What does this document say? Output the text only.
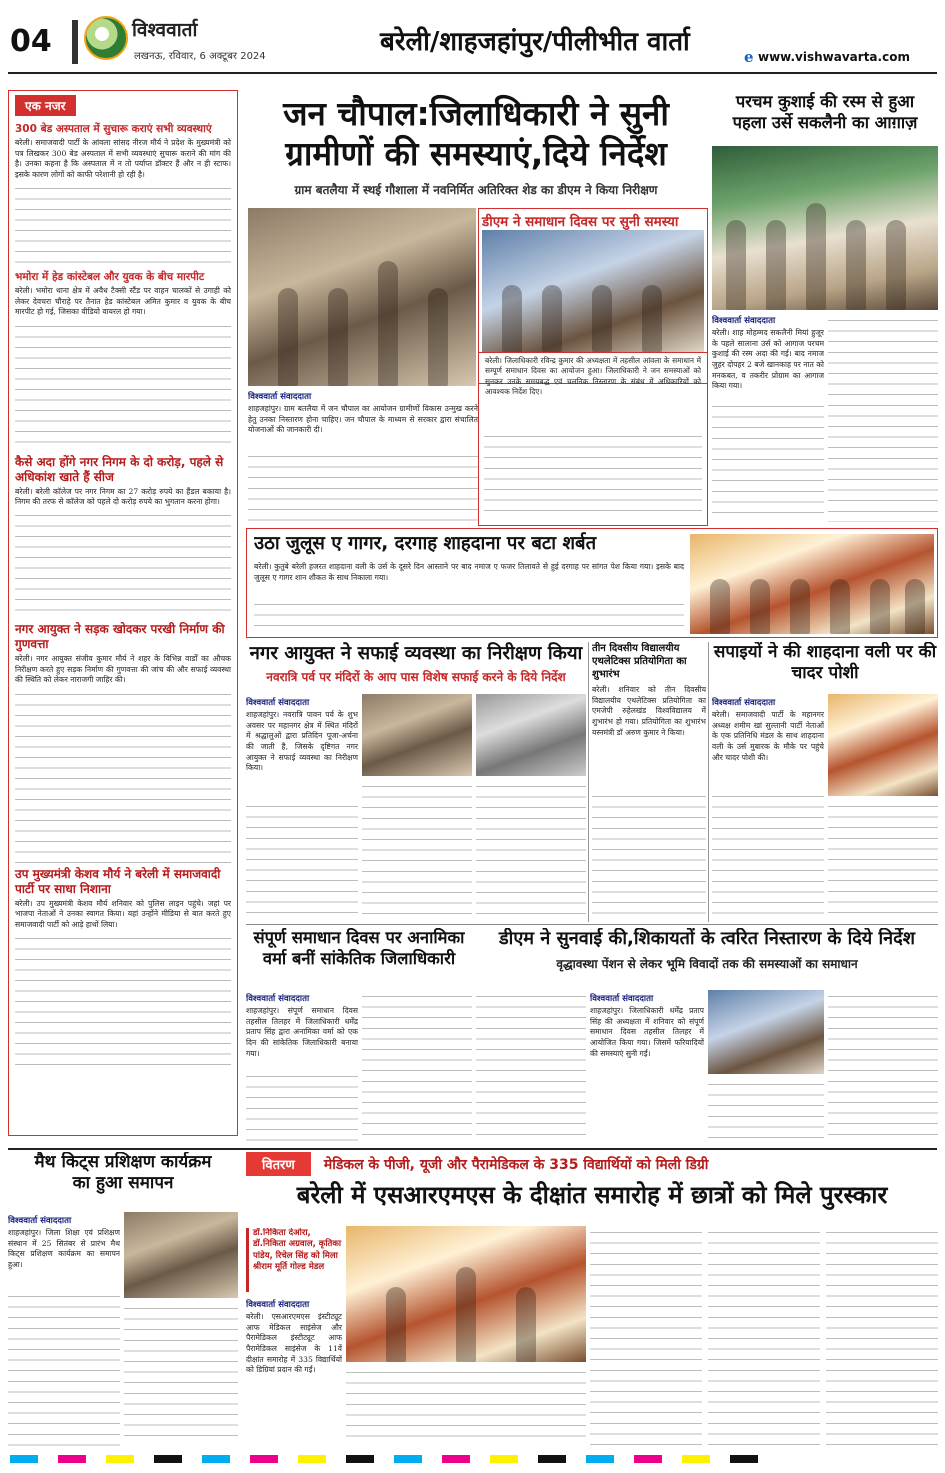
04	विश्ववार्ता
लखनऊ, रविवार, 6 अक्टूबर 2024	बरेली/शाहजहांपुर/पीलीभीत वार्ता	e www.vishwavarta.com
एक नजर
300 बेड अस्पताल में सुचारू कराएं सभी व्यवस्थाएं
बरेली। समाजवादी पार्टी के आंवला सांसद नीरज मौर्य ने प्रदेश के मुख्यमंत्री को पत्र लिखकर 300 बेड अस्पताल में सभी व्यवस्थाएं सुचारू कराने की मांग की है। उनका कहना है कि अस्पताल में न तो पर्याप्त डॉक्टर हैं और न ही स्टाफ। इसके कारण लोगों को काफी परेशानी हो रही है।
भमोरा में हेड कांस्टेबल और युवक के बीच मारपीट
बरेली। भमोरा थाना क्षेत्र में अवैध टैक्सी स्टैंड पर वाहन चालकों से उगाही को लेकर देवचरा चौराहे पर तैनात हेड कांस्टेबल अमित कुमार व युवक के बीच मारपीट हो गई, जिसका वीडियो वायरल हो गया।
कैसे अदा होंगे नगर निगम के दो करोड़, पहले से अधिकांश खाते हैं सीज
बरेली। बरेली कॉलेज पर नगर निगम का 27 करोड़ रुपये का हैंडल बकाया है। निगम की तरफ से कॉलेज को पहले दो करोड़ रुपये का भुगतान करना होगा।
नगर आयुक्त ने सड़क खोदकर परखी निर्माण की गुणवत्ता
बरेली। नगर आयुक्त संजीव कुमार मौर्य ने शहर के विभिन्न वार्डों का औचक निरीक्षण करते हुए सड़क निर्माण की गुणवत्ता की जांच की और सफाई व्यवस्था की स्थिति को लेकर नाराजगी जाहिर की।
उप मुख्यमंत्री केशव मौर्य ने बरेली में समाजवादी पार्टी पर साधा निशाना
बरेली। उप मुख्यमंत्री केशव मौर्य शनिवार को पुलिस लाइन पहुंचे। जहां पर भाजपा नेताओं ने उनका स्वागत किया। यहां उन्होंने मीडिया से बात करते हुए समाजवादी पार्टी को आड़े हाथों लिया।
जन चौपाल:जिलाधिकारी ने सुनी
ग्रामीणों की समस्याएं,दिये निर्देश
ग्राम बतलैया में स्थई गौशाला में नवनिर्मित अतिरिक्त शेड का डीएम ने किया निरीक्षण
डीएम ने समाधान दिवस पर सुनी समस्या
विश्ववार्ता संवाददाता
शाहजहांपुर। ग्राम बतलैया में जन चौपाल का आयोजन ग्रामीणों विकास उन्मुख करने हेतु उनका निस्तारण होना चाहिए। जन चौपाल के माध्यम से सरकार द्वारा संचालित योजनाओं की जानकारी दी।
बरेली। जिलाधिकारी रविन्द्र कुमार की अध्यक्षता में तहसील आंवला के समाधान में सम्पूर्ण समाधान दिवस का आयोजन हुआ। जिलाधिकारी ने जन समस्याओं को सुनकर उनके समयबद्ध एवं चलनिक निस्तारण के संबंध में अधिकारियों को आवश्यक निर्देश दिए।
परचम कुशाई की रस्म से हुआ
पहला उर्से सकलैनी का आग़ाज़
विश्ववार्ता संवाददाता
बरेली। शाह मोहम्मद सकलैनी मियां हुजूर के पहले सालाना उर्स को आगाज परचम कुशाई की रस्म अदा की गई। बाद नमाज जुहर दोपहर 2 बजे खानकाह पर नात को मनकबत, व तकरीर प्रोग्राम का आगाज किया गया।
उठा जुलूस ए गागर, दरगाह शाहदाना पर बटा शर्बत
बरेली। कुतुबे बरेली हजरत शाहदाना वली के उर्स के दूसरे दिन आस्ताने पर बाद नमाज ए फजर तिलावते से हुई दरगाह पर सांगत पेश किया गया। इसके बाद जुलूस ए गागर शान शौकत के साथ निकाला गया।
नगर आयुक्त ने सफाई व्यवस्था का निरीक्षण किया
नवरात्रि पर्व पर मंदिरों के आप पास विशेष सफाई करने के दिये निर्देश
विश्ववार्ता संवाददाता
शाहजहांपुर। नवरात्रि पावन पर्व के शुभ अवसर पर महानगर क्षेत्र में स्थित मंदिरों में श्रद्धालुओं द्वारा प्रतिदिन पूजा-अर्चना की जाती है, जिसके दृष्टिगत नगर आयुक्त ने सफाई व्यवस्था का निरीक्षण किया।
तीन दिवसीय विद्यालयीय एथलेटिक्स प्रतियोगिता का शुभारंभ
बरेली। शनिवार को तीन दिवसीय विद्यालयीय एथलेटिक्स प्रतियोगिता का एमजेपी रुहेलखंड विश्वविद्यालय में शुभारंभ हो गया। प्रतियोगिता का शुभारंभ यस्नमंत्री डॉ अरुण कुमार ने किया।
सपाइयों ने की शाहदाना वली पर की चादर पोशी
विश्ववार्ता संवाददाता
बरेली। समाजवादी पार्टी के महानगर अध्यक्ष शमीम खां सुल्तानी पार्टी नेताओं के एक प्रतिनिधि मंडल के साथ शाहदाना वली के उर्स मुबारक के मौके पर पहुंचे और चादर पोशी की।
संपूर्ण समाधान दिवस पर अनामिका
वर्मा बनीं सांकेतिक जिलाधिकारी
विश्ववार्ता संवाददाता
शाहजहांपुर। संपूर्ण समाधान दिवस तहसील तिलहर में जिलाधिकारी धर्मेंद्र प्रताप सिंह द्वारा अनामिका वर्मा को एक दिन की सांकेतिक जिलाधिकारी बनाया गया।
डीएम ने सुनवाई की,शिकायतों के त्वरित निस्तारण के दिये निर्देश
वृद्धावस्था पेंशन से लेकर भूमि विवादों तक की समस्याओं का समाधान
विश्ववार्ता संवाददाता
शाहजहांपुर। जिलाधिकारी धर्मेंद्र प्रताप सिंह की अध्यक्षता में शनिवार को संपूर्ण समाधान दिवस तहसील तिलहर में आयोजित किया गया। जिसमें फरियादियों की समस्याएं सुनी गईं।
मैथ किट्स प्रशिक्षण कार्यक्रम
का हुआ समापन
विश्ववार्ता संवाददाता
शाहजहांपुर। जिला शिक्षा एवं प्रशिक्षण संस्थान में 25 सितंबर से प्रारंभ मैथ किट्स प्रशिक्षण कार्यक्रम का समापन हुआ।
वितरण मेडिकल के पीजी, यूजी और पैरामेडिकल के 335 विद्यार्थियों को मिली डिग्री
बरेली में एसआरएमएस के दीक्षांत समारोह में छात्रों को मिले पुरस्कार
डॉ.निकिता देओरा, डॉ.निकिता अग्रवाल, कृतिका पांडेय, रिचेल सिंह को मिला श्रीराम मूर्ति गोल्ड मेडल
विश्ववार्ता संवाददाता
बरेली। एसआरएमएस इंस्टीट्यूट आफ मेडिकल साइंसेज और पैरामेडिकल इंस्टीट्यूट आफ पैरामेडिकल साइंसेज के 11वें दीक्षांत समारोह में 335 विद्यार्थियों को डिग्रियां प्रदान की गईं।
